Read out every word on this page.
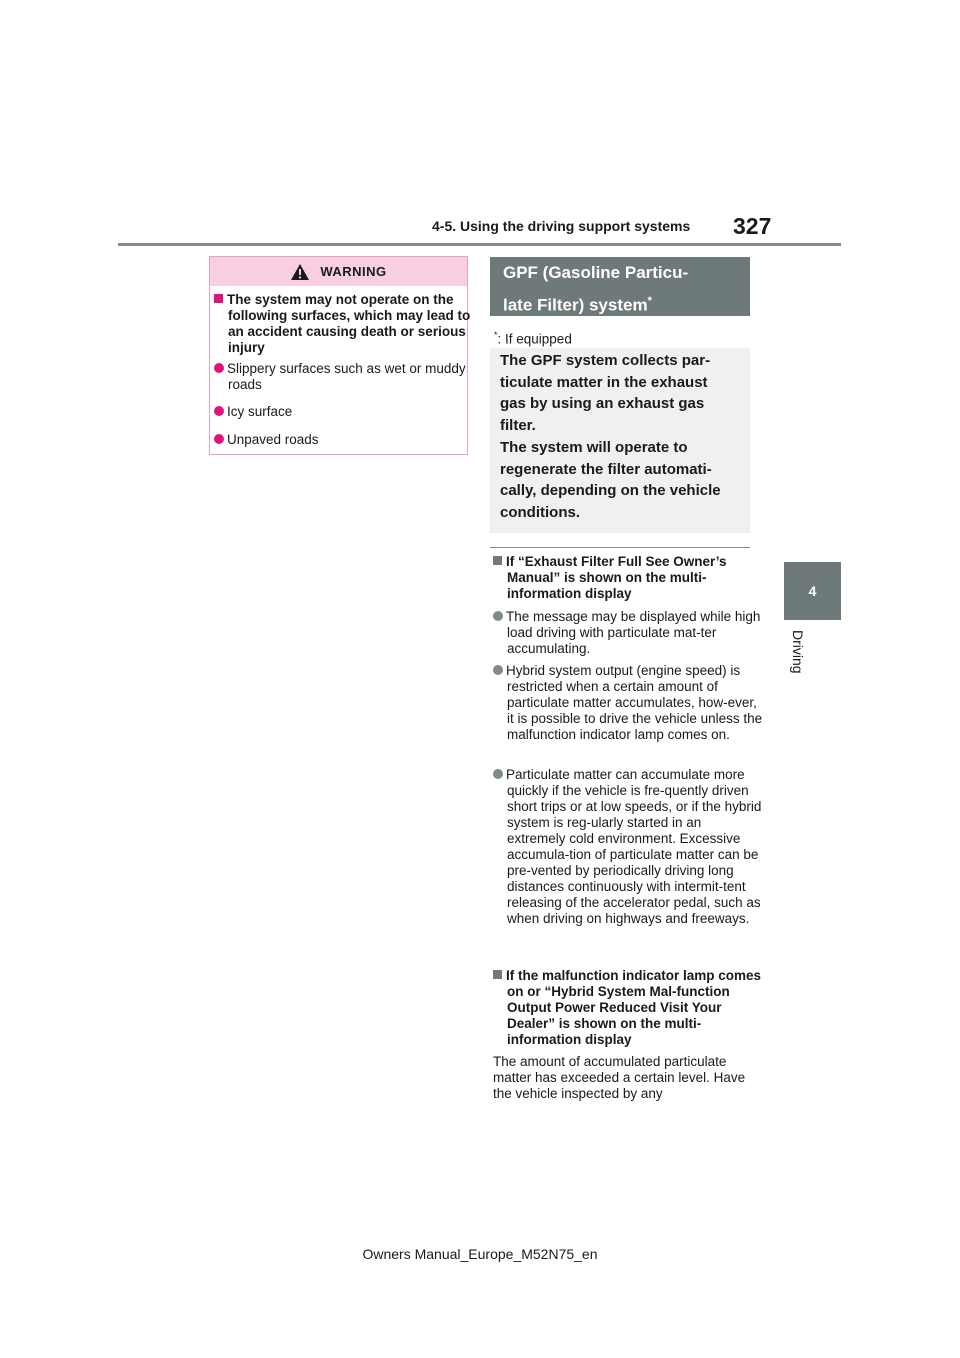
4-5. Using the driving support systems 327
4
Driving
WARNING
The system may not operate on the following surfaces, which may lead to an accident causing death or serious injury
Slippery surfaces such as wet or muddy roads
Icy surface
Unpaved roads
GPF (Gasoline Particu-
late Filter) system*
*: If equipped
The GPF system collects par-
ticulate matter in the exhaust
gas by using an exhaust gas
filter.
The system will operate to
regenerate the filter automati-
cally, depending on the vehicle
conditions.
If “Exhaust Filter Full See Owner’s Manual” is shown on the multi-information display
The message may be displayed while high load driving with particulate mat-ter accumulating.
Hybrid system output (engine speed) is restricted when a certain amount of particulate matter accumulates, how-ever, it is possible to drive the vehicle unless the malfunction indicator lamp comes on.
Particulate matter can accumulate more quickly if the vehicle is fre-quently driven short trips or at low speeds, or if the hybrid system is reg-ularly started in an extremely cold environment. Excessive accumula-tion of particulate matter can be pre-vented by periodically driving long distances continuously with intermit-tent releasing of the accelerator pedal, such as when driving on highways and freeways.
If the malfunction indicator lamp comes on or “Hybrid System Mal-function Output Power Reduced Visit Your Dealer” is shown on the multi-information display
The amount of accumulated particulate matter has exceeded a certain level. Have the vehicle inspected by any
Owners Manual_Europe_M52N75_en
